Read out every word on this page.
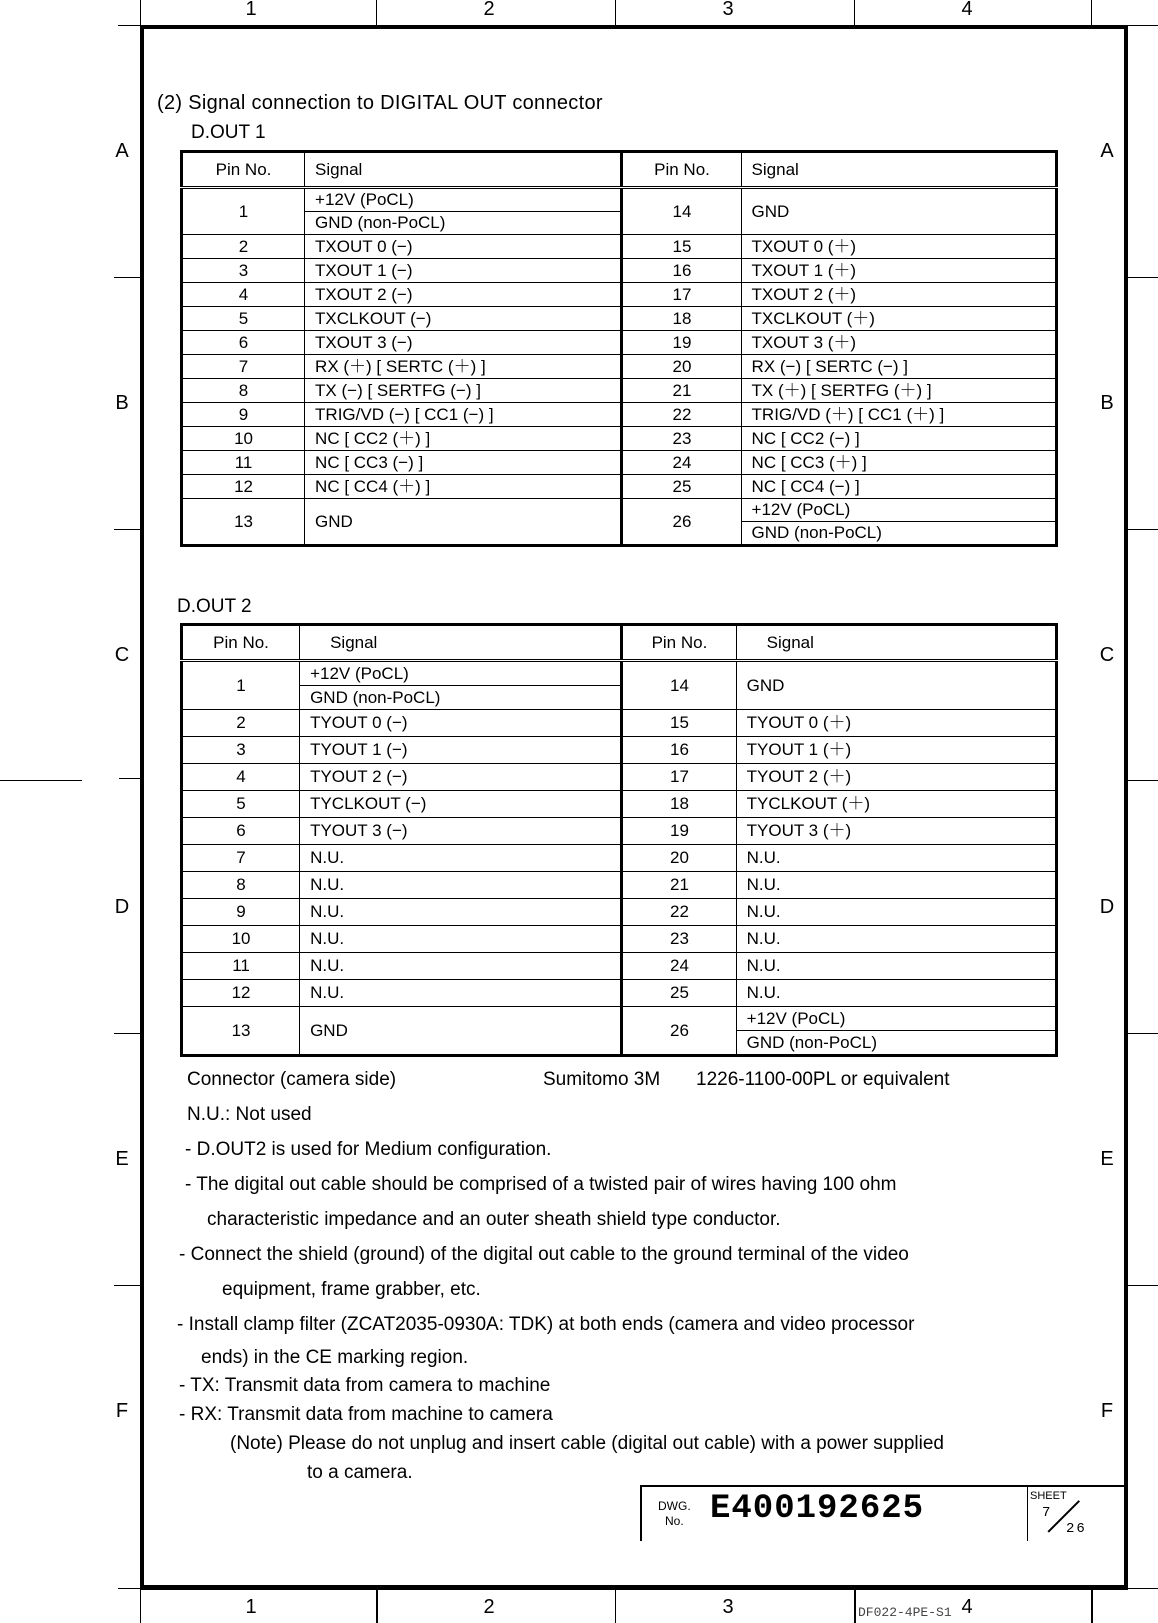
1	2	3	4
1	2	3	4
A
B
C
D
E
F
A
B
C
D
E
F
(2) Signal connection to DIGITAL OUT connector
D.OUT 1
Pin No.	Signal	Pin No.	Signal
1	+12V (PoCL)	14	GND
	GND (non-PoCL)		
2	TXOUT 0 (−)	15	TXOUT 0 (＋)
3	TXOUT 1 (−)	16	TXOUT 1 (＋)
4	TXOUT 2 (−)	17	TXOUT 2 (＋)
5	TXCLKOUT (−)	18	TXCLKOUT (＋)
6	TXOUT 3 (−)	19	TXOUT 3 (＋)
7	RX (＋) [ SERTC (＋) ]	20	RX (−) [ SERTC (−) ]
8	TX (−) [ SERTFG (−) ]	21	TX (＋) [ SERTFG (＋) ]
9	TRIG/VD (−) [ CC1 (−) ]	22	TRIG/VD (＋) [ CC1 (＋) ]
10	NC [ CC2 (＋) ]	23	NC [ CC2 (−) ]
11	NC [ CC3 (−) ]	24	NC [ CC3 (＋) ]
12	NC [ CC4 (＋) ]	25	NC [ CC4 (−) ]
13	GND	26	+12V (PoCL)
			GND (non-PoCL)
D.OUT 2
Pin No.	Signal	Pin No.	Signal
1	+12V (PoCL)	14	GND
	GND (non-PoCL)		
2	TYOUT 0 (−)	15	TYOUT 0 (＋)
3	TYOUT 1 (−)	16	TYOUT 1 (＋)
4	TYOUT 2 (−)	17	TYOUT 2 (＋)
5	TYCLKOUT (−)	18	TYCLKOUT (＋)
6	TYOUT 3 (−)	19	TYOUT 3 (＋)
7	N.U.	20	N.U.
8	N.U.	21	N.U.
9	N.U.	22	N.U.
10	N.U.	23	N.U.
11	N.U.	24	N.U.
12	N.U.	25	N.U.
13	GND	26	+12V (PoCL)
			GND (non-PoCL)
Connector (camera side)	Sumitomo 3M 1226-1100-00PL or equivalent
N.U.: Not used
- D.OUT2 is used for Medium configuration.
- The digital out cable should be comprised of a twisted pair of wires having 100 ohm
characteristic impedance and an outer sheath shield type conductor.
- Connect the shield (ground) of the digital out cable to the ground terminal of the video
equipment, frame grabber, etc.
- Install clamp filter (ZCAT2035-0930A: TDK) at both ends (camera and video processor
ends) in the CE marking region.
- TX: Transmit data from camera to machine
- RX: Transmit data from machine to camera
(Note) Please do not unplug and insert cable (digital out cable) with a power supplied
to a camera.
DWG.
No. E400192625	SHEET
7
26
DF022-4PE-S1
